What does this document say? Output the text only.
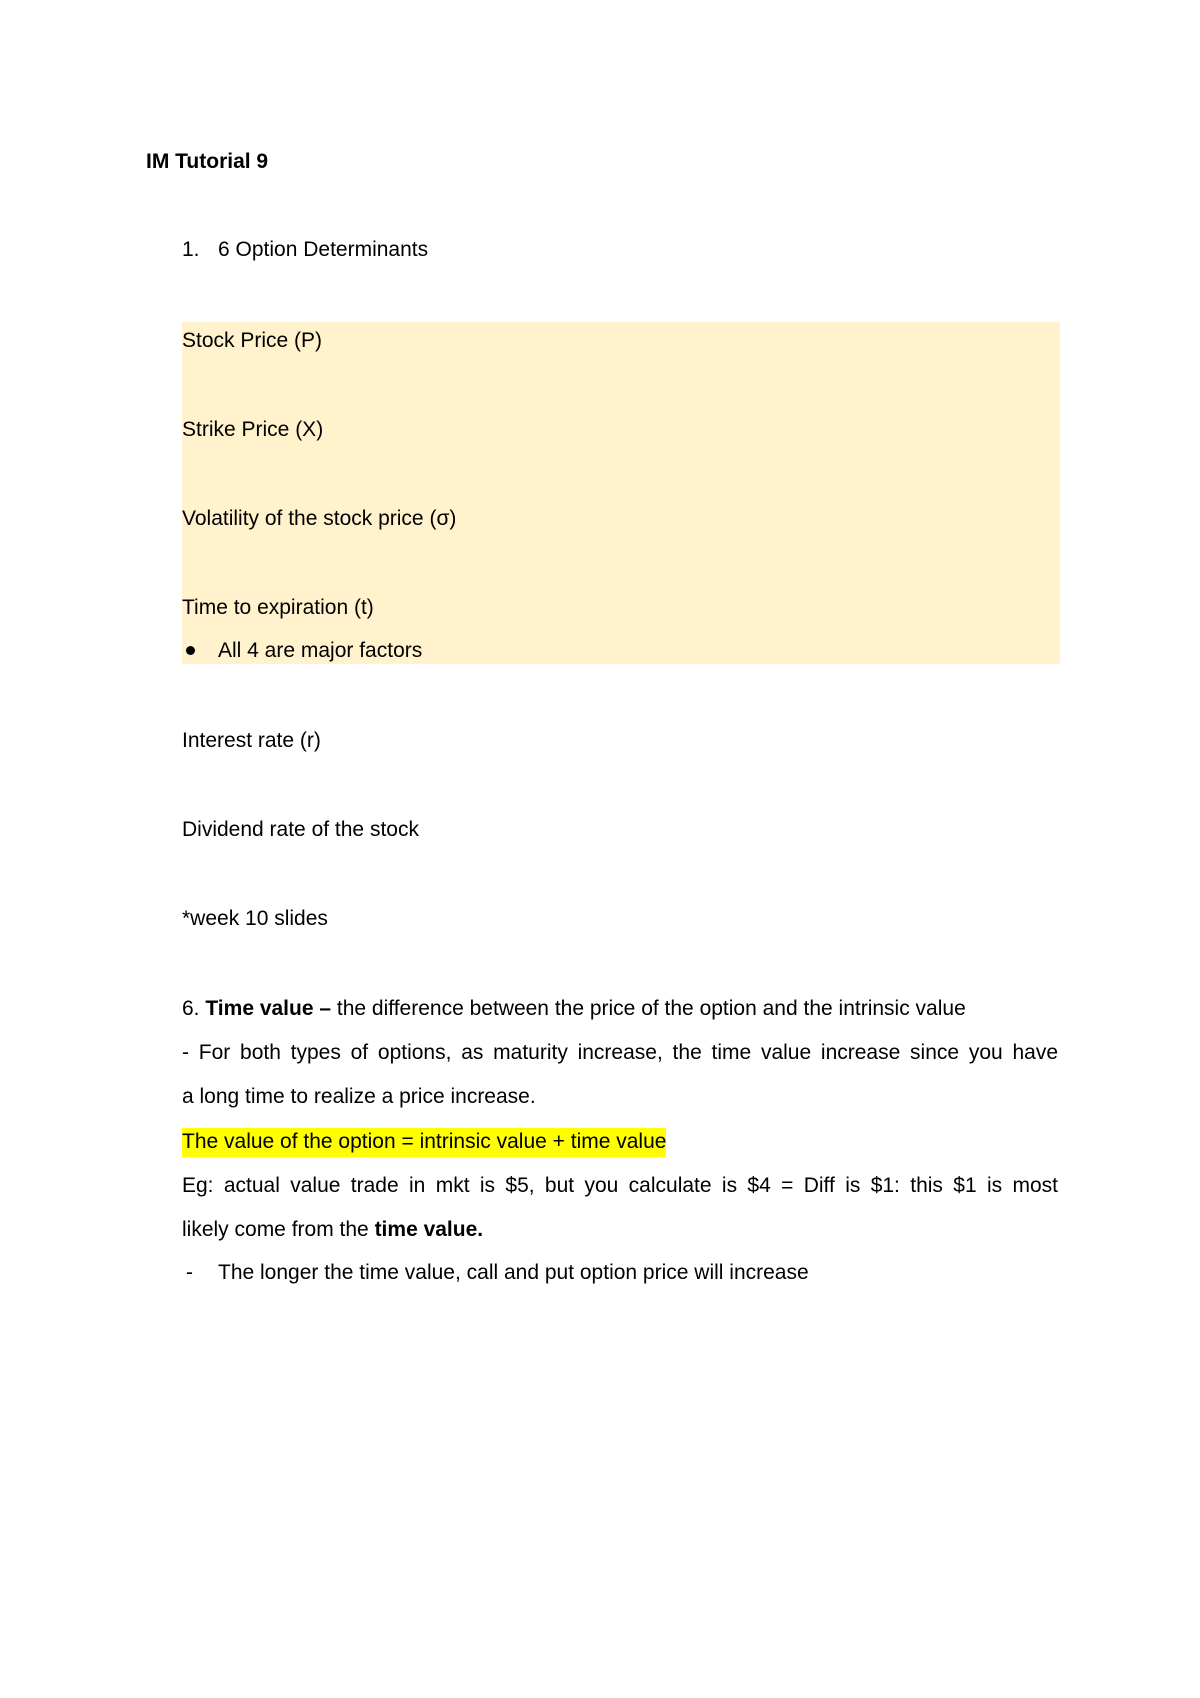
IM Tutorial 9
1. 6 Option Determinants
Stock Price (P)
Strike Price (X)
Volatility of the stock price (σ)
Time to expiration (t)
All 4 are major factors
Interest rate (r)
Dividend rate of the stock
*week 10 slides
6. Time value – the difference between the price of the option and the intrinsic value
- For both types of options, as maturity increase, the time value increase since you have
a long time to realize a price increase.
The value of the option = intrinsic value + time value
Eg: actual value trade in mkt is $5, but you calculate is $4 = Diff is $1: this $1 is most
likely come from the time value.
- The longer the time value, call and put option price will increase
